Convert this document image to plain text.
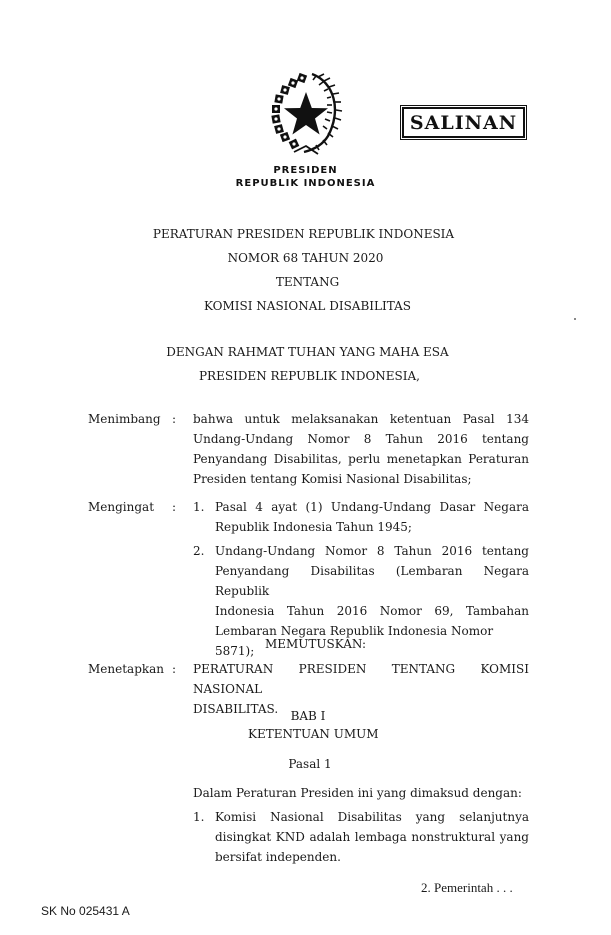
SALINAN
PRESIDEN
REPUBLIK INDONESIA
PERATURAN PRESIDEN REPUBLIK INDONESIA
NOMOR 68 TAHUN 2020
TENTANG
KOMISI NASIONAL DISABILITAS
DENGAN RAHMAT TUHAN YANG MAHA ESA
PRESIDEN REPUBLIK INDONESIA,
Menimbang : bahwa untuk melaksanakan ketentuan Pasal 134
Undang-Undang Nomor 8 Tahun 2016 tentang
Penyandang Disabilitas, perlu menetapkan Peraturan
Presiden tentang Komisi Nasional Disabilitas;
Mengingat	: 1. Pasal 4 ayat (1) Undang-Undang Dasar Negara
Republik Indonesia Tahun 1945;
2. Undang-Undang Nomor 8 Tahun 2016 tentang
Penyandang Disabilitas (Lembaran Negara Republik
Indonesia Tahun 2016 Nomor 69, Tambahan
Lembaran Negara Republik Indonesia Nomor 5871); MEMUTUSKAN:
Menetapkan : PERATURAN PRESIDEN TENTANG KOMISI NASIONAL
DISABILITAS.	BAB I
KETENTUAN UMUM
Pasal 1
Dalam Peraturan Presiden ini yang dimaksud dengan:
1. Komisi Nasional Disabilitas yang selanjutnya
disingkat KND adalah lembaga nonstruktural yang
bersifat independen.
2. Pemerintah . . .
SK No 025431 A
